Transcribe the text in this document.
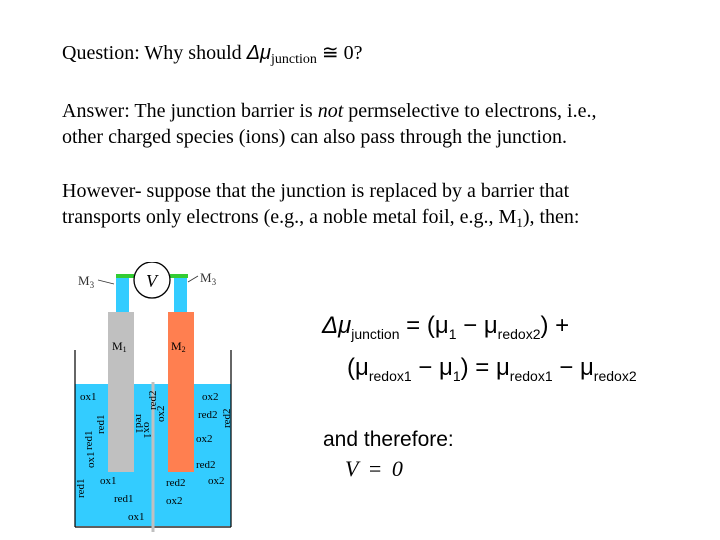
Question: Why should $\Delta\mu_{junction}$ ≅ 0?
Answer: The junction barrier is not permselective to electrons, i.e.,
other charged species (ions) can also pass through the junction.
However- suppose that the junction is replaced by a barrier that
transports only electrons (e.g., a noble metal foil, e.g., $M_1$), then:
V
$M_3$	$M_3$
M1	M2
ox1
red1
ox1
red1
red1
ox1
red1
ox1
red1
ox1
ox2
red2
ox2
red2
ox2
red2
ox2
red2
red2
ox2
$\Delta\mu_{junction} = (\mu_1 - \mu_{redox2})$ +
$(\mu_{redox1} - \mu_1) = \mu_{redox1} - \mu_{redox2}$
and therefore:
V = 0
